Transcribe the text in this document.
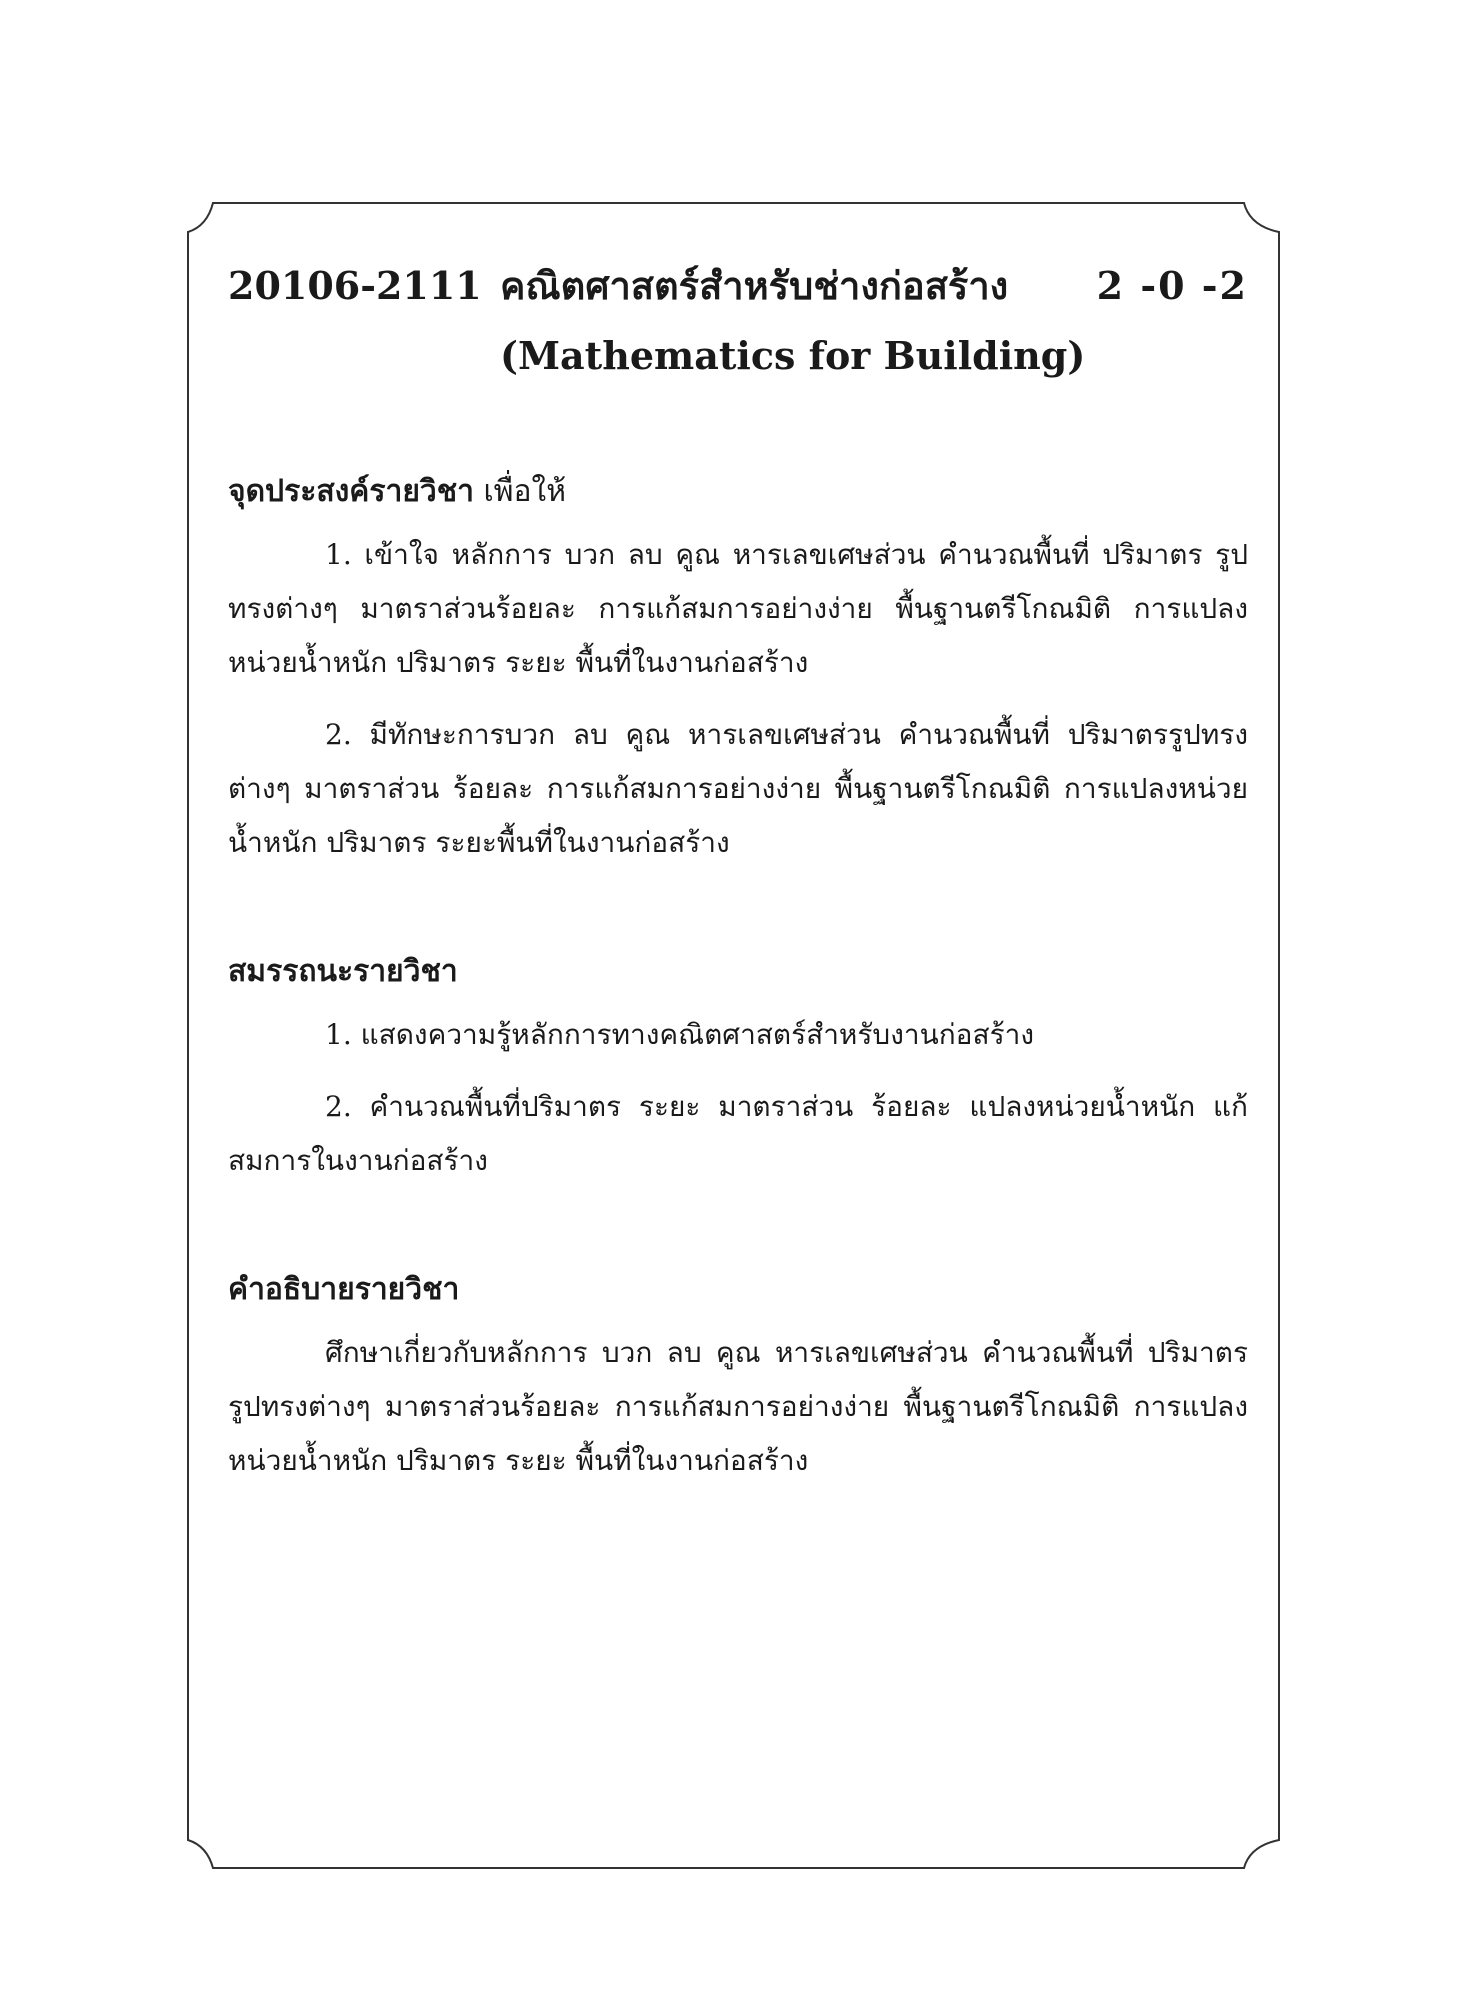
20106-2111 คณิตศาสตร์สำหรับช่างก่อสร้าง	2 -0 -2
(Mathematics for Building)
จุดประสงค์รายวิชา เพื่อให้

1. เข้าใจ หลักการ บวก ลบ คูณ หารเลขเศษส่วน คำนวณพื้นที่ ปริมาตร รูปทรงต่างๆ มาตราส่วนร้อยละ การแก้สมการอย่างง่าย พื้นฐานตรีโกณมิติ การแปลงหน่วยน้ำหนัก ปริมาตร ระยะ พื้นที่ในงานก่อสร้าง

2. มีทักษะการบวก ลบ คูณ หารเลขเศษส่วน คำนวณพื้นที่ ปริมาตรรูปทรงต่างๆ มาตราส่วน ร้อยละ การแก้สมการอย่างง่าย พื้นฐานตรีโกณมิติ การแปลงหน่วยน้ำหนัก ปริมาตร ระยะพื้นที่ในงานก่อสร้าง

สมรรถนะรายวิชา

1. แสดงความรู้หลักการทางคณิตศาสตร์สำหรับงานก่อสร้าง

2. คำนวณพื้นที่ปริมาตร ระยะ มาตราส่วน ร้อยละ แปลงหน่วยน้ำหนัก แก้สมการในงานก่อสร้าง

คำอธิบายรายวิชา

ศึกษาเกี่ยวกับหลักการ บวก ลบ คูณ หารเลขเศษส่วน คำนวณพื้นที่ ปริมาตร รูปทรงต่างๆ มาตราส่วนร้อยละ การแก้สมการอย่างง่าย พื้นฐานตรีโกณมิติ การแปลงหน่วยน้ำหนัก ปริมาตร ระยะ พื้นที่ในงานก่อสร้าง
